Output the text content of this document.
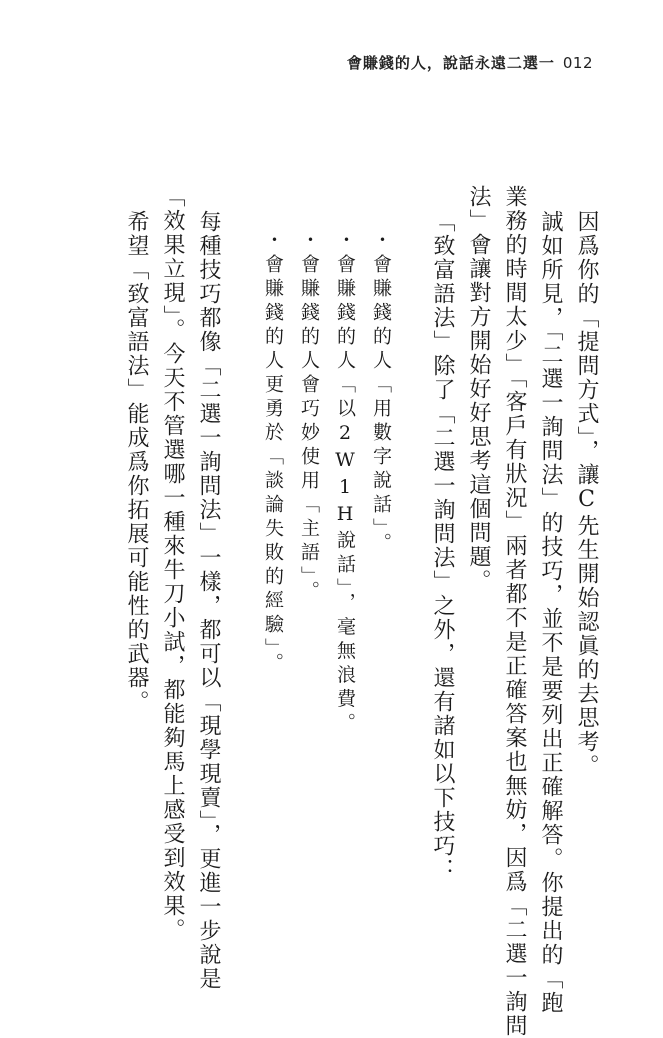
會賺錢的人，說話永遠二選一 012
因爲你的「提問方式」，讓C先生開始認眞的去思考。
誠如所見，「二選一詢問法」的技巧，並不是要列出正確解答。你提出的「跑
業務的時間太少」「客戶有狀況」兩者都不是正確答案也無妨，因爲「二選一詢問
法」會讓對方開始好好思考這個問題。
「致富語法」除了「二選一詢問法」之外，還有諸如以下技巧：
・會賺錢的人「用數字說話」。
・會賺錢的人「以2W1H說話」，毫無浪費。
・會賺錢的人會巧妙使用「主語」。
・會賺錢的人更勇於「談論失敗的經驗」。
每種技巧都像「二選一詢問法」一樣，都可以「現學現賣」，更進一步說是
「效果立現」。今天不管選哪一種來牛刀小試，都能夠馬上感受到效果。
希望「致富語法」能成爲你拓展可能性的武器。
